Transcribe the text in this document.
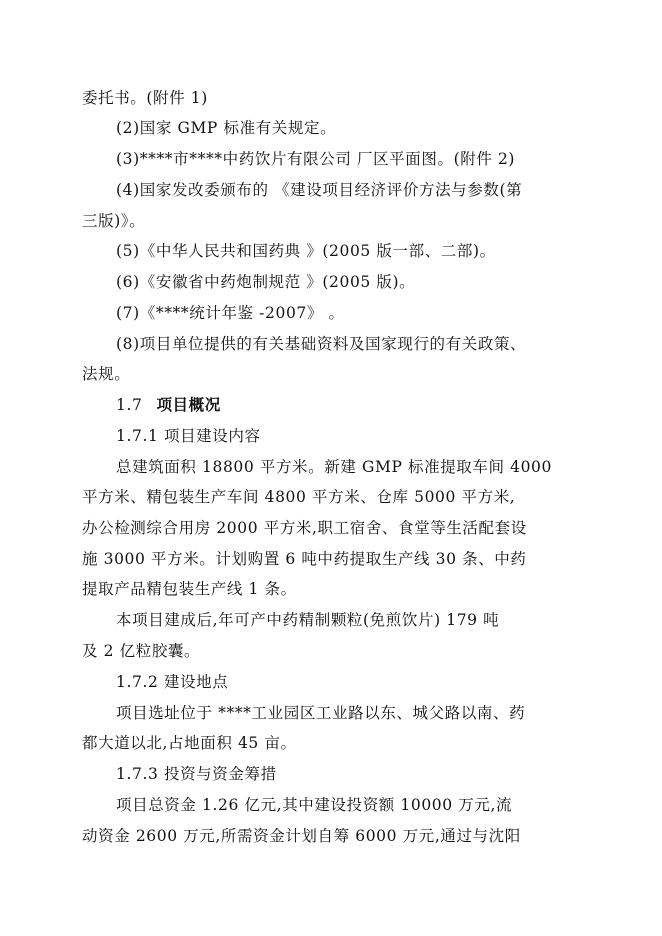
委托书。(附件 1)
(2)国家 GMP 标准有关规定。
(3)****市****中药饮片有限公司 厂区平面图。(附件 2)
(4)国家发改委颁布的 《建设项目经济评价方法与参数(第
三版)》。
(5)《中华人民共和国药典 》(2005 版一部、二部)。
(6)《安徽省中药炮制规范 》(2005 版)。
(7)《****统计年鉴 -2007》 。
(8)项目单位提供的有关基础资料及国家现行的有关政策、
法规。
1.7 项目概况
1.7.1 项目建设内容
总建筑面积 18800 平方米。新建 GMP 标准提取车间 4000
平方米、精包装生产车间 4800 平方米、仓库 5000 平方米,
办公检测综合用房 2000 平方米,职工宿舍、食堂等生活配套设
施 3000 平方米。计划购置 6 吨中药提取生产线 30 条、中药
提取产品精包装生产线 1 条。
本项目建成后,年可产中药精制颗粒(免煎饮片) 179 吨
及 2 亿粒胶囊。
1.7.2 建设地点
项目选址位于 ****工业园区工业路以东、城父路以南、药
都大道以北,占地面积 45 亩。
1.7.3 投资与资金筹措
项目总资金 1.26 亿元,其中建设投资额 10000 万元,流
动资金 2600 万元,所需资金计划自筹 6000 万元,通过与沈阳
